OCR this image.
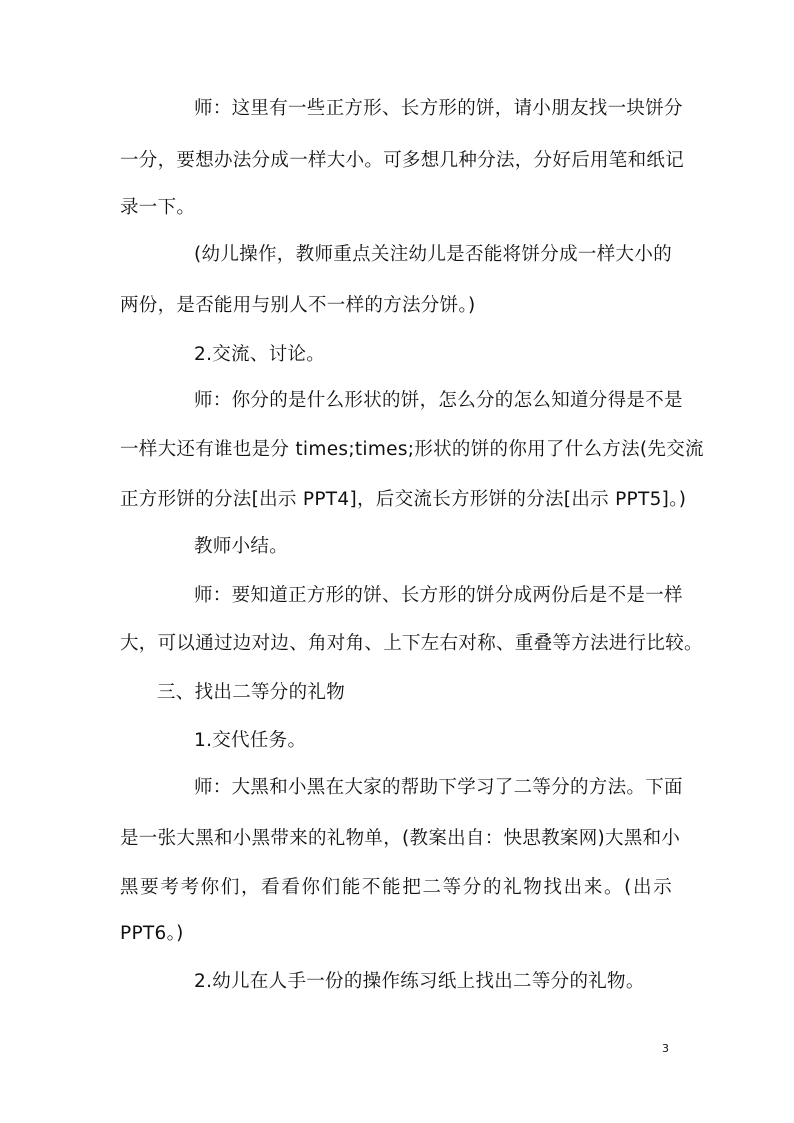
师：这里有一些正方形、长方形的饼，请小朋友找一块饼分
一分，要想办法分成一样大小。可多想几种分法，分好后用笔和纸记
录一下。
(幼儿操作，教师重点关注幼儿是否能将饼分成一样大小的
两份，是否能用与别人不一样的方法分饼。)
2.交流、讨论。
师：你分的是什么形状的饼，怎么分的怎么知道分得是不是
一样大还有谁也是分 times;times;形状的饼的你用了什么方法(先交流
正方形饼的分法[出示 PPT4]，后交流长方形饼的分法[出示 PPT5]。)
教师小结。
师：要知道正方形的饼、长方形的饼分成两份后是不是一样
大，可以通过边对边、角对角、上下左右对称、重叠等方法进行比较。
三、找出二等分的礼物
1.交代任务。
师：大黑和小黑在大家的帮助下学习了二等分的方法。下面
是一张大黑和小黑带来的礼物单，(教案出自：快思教案网)大黑和小
黑要考考你们，看看你们能不能把二等分的礼物找出来。(出示
PPT6。)
2.幼儿在人手一份的操作练习纸上找出二等分的礼物。
3
